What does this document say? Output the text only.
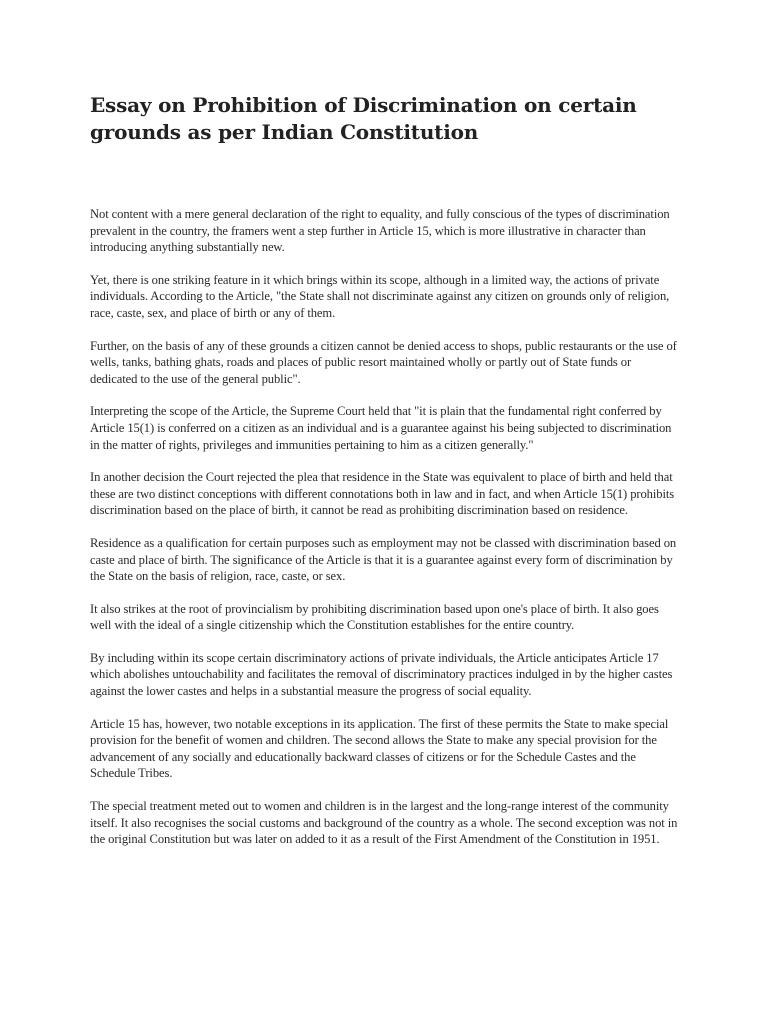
Essay on Prohibition of Discrimination on certain grounds as per Indian Constitution

Not content with a mere general declaration of the right to equality, and fully conscious of the types of discrimination prevalent in the country, the framers went a step further in Article 15, which is more illustrative in character than introducing anything substantially new.

Yet, there is one striking feature in it which brings within its scope, although in a limited way, the actions of private individuals. According to the Article, "the State shall not discriminate against any citizen on grounds only of religion, race, caste, sex, and place of birth or any of them.

Further, on the basis of any of these grounds a citizen cannot be denied access to shops, public restaurants or the use of wells, tanks, bathing ghats, roads and places of public resort maintained wholly or partly out of State funds or dedicated to the use of the general public".

Interpreting the scope of the Article, the Supreme Court held that "it is plain that the fundamental right conferred by Article 15(1) is conferred on a citizen as an individual and is a guarantee against his being subjected to discrimination in the matter of rights, privileges and immunities pertaining to him as a citizen generally."

In another decision the Court rejected the plea that residence in the State was equivalent to place of birth and held that these are two distinct conceptions with different connotations both in law and in fact, and when Article 15(1) prohibits discrimination based on the place of birth, it cannot be read as prohibiting discrimination based on residence.

Residence as a qualification for certain purposes such as employment may not be classed with discrimination based on caste and place of birth. The significance of the Article is that it is a guarantee against every form of discrimination by the State on the basis of religion, race, caste, or sex.

It also strikes at the root of provincialism by prohibiting discrimination based upon one's place of birth. It also goes well with the ideal of a single citizenship which the Constitution establishes for the entire country.

By including within its scope certain discriminatory actions of private individuals, the Article anticipates Article 17 which abolishes untouchability and facilitates the removal of discriminatory practices indulged in by the higher castes against the lower castes and helps in a substantial measure the progress of social equality.

Article 15 has, however, two notable exceptions in its application. The first of these permits the State to make special provision for the benefit of women and children. The second allows the State to make any special provision for the advancement of any socially and educationally backward classes of citizens or for the Schedule Castes and the Schedule Tribes.

The special treatment meted out to women and children is in the largest and the long-range interest of the community itself. It also recognises the social customs and background of the country as a whole. The second exception was not in the original Constitution but was later on added to it as a result of the First Amendment of the Constitution in 1951.
